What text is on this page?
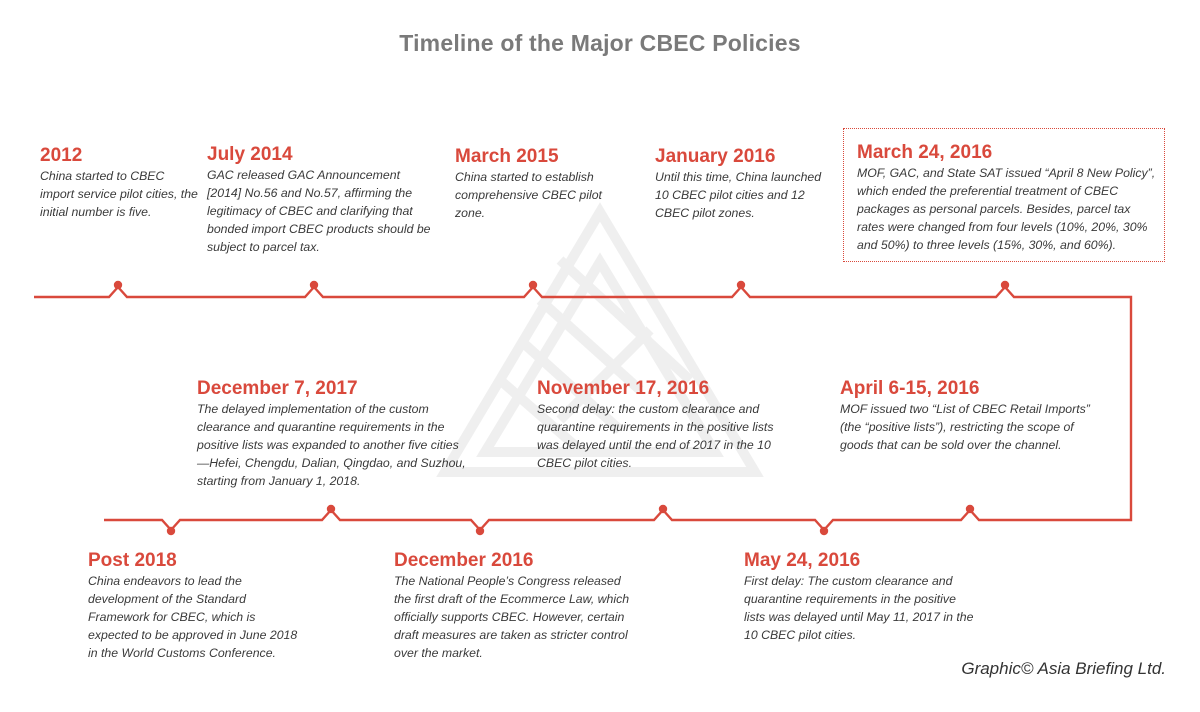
Timeline of the Major CBEC Policies
2012
China started to CBEC import service pilot cities, the initial number is five.
July 2014
GAC released GAC Announcement [2014] No.56 and No.57, affirming the legitimacy of CBEC and clarifying that bonded import CBEC products should be subject to parcel tax.
March 2015
China started to establish comprehensive CBEC pilot zone.
January 2016
Until this time, China launched 10 CBEC pilot cities and 12 CBEC pilot zones.
March 24, 2016
MOF, GAC, and State SAT issued “April 8 New Policy”, which ended the preferential treatment of CBEC packages as personal parcels. Besides, parcel tax rates were changed from four levels (10%, 20%, 30% and 50%) to three levels (15%, 30%, and 60%).
April 6-15, 2016
MOF issued two “List of CBEC Retail Imports” (the “positive lists”), restricting the scope of goods that can be sold over the channel.
May 24, 2016
First delay: The custom clearance and quarantine requirements in the positive lists was delayed until May 11, 2017 in the 10 CBEC pilot cities.
November 17, 2016
Second delay: the custom clearance and quarantine requirements in the positive lists was delayed until the end of 2017 in the 10 CBEC pilot cities.
December 2016
The National People’s Congress released the first draft of the Ecommerce Law, which officially supports CBEC. However, certain draft measures are taken as stricter control over the market.
December 7, 2017
The delayed implementation of the custom clearance and quarantine requirements in the positive lists was expanded to another five cities—Hefei, Chengdu, Dalian, Qingdao, and Suzhou, starting from January 1, 2018.
Post 2018
China endeavors to lead the development of the Standard Framework for CBEC, which is expected to be approved in June 2018 in the World Customs Conference.
Graphic© Asia Briefing Ltd.
